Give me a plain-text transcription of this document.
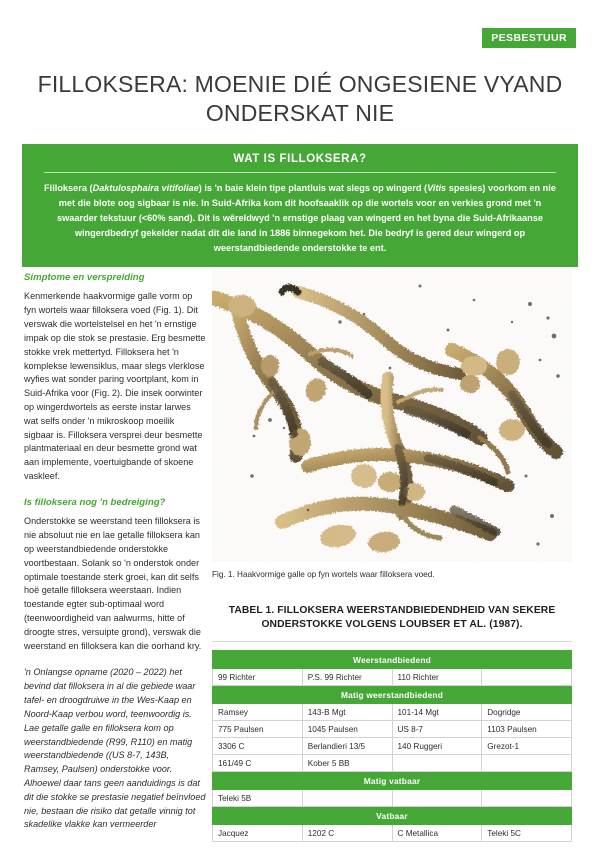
PESBESTUUR
FILLOKSERA: MOENIE DIÉ ONGESIENE VYAND ONDERSKAT NIE
WAT IS FILLOKSERA?
Filloksera (Daktulosphaira vitifoliae) is 'n baie klein tipe plantluis wat slegs op wingerd (Vitis spesies) voorkom en nie met die blote oog sigbaar is nie. In Suid-Afrika kom dit hoofsaaklik op die wortels voor en verkies grond met 'n swaarder tekstuur (<60% sand). Dit is wêreldwyd 'n ernstige plaag van wingerd en het byna die Suid-Afrikaanse wingerdbedryf gekelder nadat dit die land in 1886 binnegekom het. Die bedryf is gered deur wingerd op weerstandbiedende onderstokke te ent.
Simptome en verspreiding
Kenmerkende haakvormige galle vorm op fyn wortels waar filloksera voed (Fig. 1). Dit verswak die wortelstelsel en het 'n ernstige impak op die stok se prestasie. Erg besmette stokke vrek mettertyd. Filloksera het 'n komplekse lewensiklus, maar slegs vlerklose wyfies wat sonder paring voortplant, kom in Suid-Afrika voor (Fig. 2). Die insek oorwinter op wingerdwortels as eerste instar larwes wat selfs onder 'n mikroskoop moeilik sigbaar is. Filloksera versprei deur besmette plantmateriaal en deur besmette grond wat aan implemente, voertuigbande of skoene vaskleef.
Is filloksera nog 'n bedreiging?
Onderstokke se weerstand teen filloksera is nie absoluut nie en lae getalle filloksera kan op weerstandbiedende onderstokke voortbestaan. Solank so 'n onderstok onder optimale toestande sterk groei, kan dit selfs hoë getalle filloksera weerstaan. Indien toestande egter sub-optimaal word (teenwoordigheid van aalwurms, hitte of droogte stres, versuipte grond), verswak die weerstand en filloksera kan die oorhand kry.
'n Onlangse opname (2020 – 2022) het bevind dat filloksera in al die gebiede waar tafel- en droogdruiwe in the Wes-Kaap en Noord-Kaap verbou word, teenwoordig is. Lae getalle galle en filloksera kom op weerstandbiedende (R99, R110) en matig weerstandbiedende ((US 8-7, 143B, Ramsey, Paulsen) onderstokke voor. Alhoewel daar tans geen aanduidings is dat dit die stokke se prestasie negatief beïnvloed nie, bestaan die risiko dat getalle vinnig tot skadelike vlakke kan vermeerder
Fig. 1. Haakvormige galle op fyn wortels waar filloksera voed.
TABEL 1. FILLOKSERA WEERSTANDBIEDENDHEID VAN SEKERE ONDERSTOKKE VOLGENS LOUBSER ET AL. (1987).
Weerstandbiedend			
99 Richter	P.S. 99 Richter	110 Richter	
Matig weerstandbiedend			
Ramsey	143-B Mgt	101-14 Mgt	Dogridge
775 Paulsen	1045 Paulsen	US 8-7	1103 Paulsen
3306 C	Berlandieri 13/5	140 Ruggeri	Grezot-1
161/49 C	Kober 5 BB		
Matig vatbaar			
Teleki 5B			
Vatbaar			
Jacquez	1202 C	C Metallica	Teleki 5C
